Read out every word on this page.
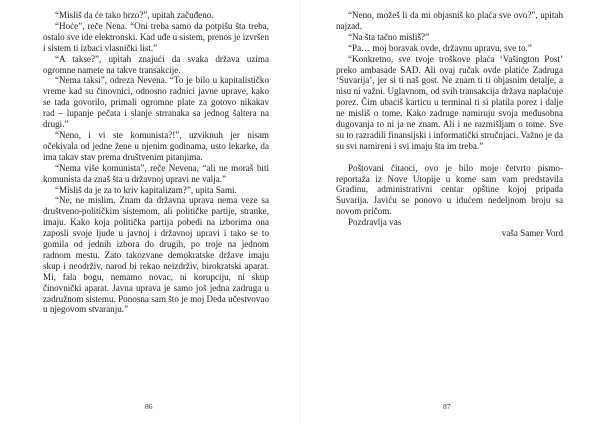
“Misliš da će tako brzo?”, upitah začuđeno.

“Hoće”, reče Nena. “Oni treba samo da potpišu šta treba, ostalo sve ide elektronski. Kad uđe u sistem, prenos je izvršen i sistem ti izbaci vlasnički list.”

“A takse?”, upitah znajući da svaka država uzima ogromne namete na takve transakcije.

“Nema taksi”, odreza Nevena. “To je bilo u kapitalističko vreme kad su činovnici, odnosno radnici javne uprave, kako se tada govorilo, primali ogromne plate za gotovo nikakav rad – lupanje pečata i slanje strranaka sa jednog šaltera na drugi.”

“Neno, i vi ste komunista?!”, uzviknuh jer nisam očekivala od jedne žene u njenim godinama, usto lekarke, da ima takav stav prema društvenim pitanjima.

“Nema više komunista”, reče Nevena, “ali ne moraš biti komunista da znaš šta u državnoj upravi ne valja.”

“Misliš da je za to kriv kapitalizam?”, upita Sami.

“Ne, ne mislim. Znam da državna uprava nema veze sa društveno-političkim sistemom, ali političke partije, stranke, imaju. Kako koja politička partija pobedi na izborima ona zaposli svoje ljude u javnoj i državnoj upravi i tako se to gomila od jednih izbora do drugih, po troje na jednom radnom mestu. Zato takozvane demokratske države imaju skup i neodrživ, narod bi rekao neizdrživ, birokratski aparat. Mi, fala bogu, nemamo novac, ni korupciju, ni skup činovnički aparat. Javna uprava je samo još jedna zadruga u zadružnom sistemu. Ponosna sam što je moj Deda učestvovao u njegovom stvaranju.”

86

“Neno, možeš li da mi objasniš ko plaća sve ovo?”, upitah najzad.

“Na šta tačno misliš?”

“Pa… moj boravak ovde, državnu upravu, sve to.”

“Konkretno, sve tvoje troškove plaća ‘Vašington Post’ preko ambasade SAD. Ali ovaj ručak ovde platiće Zadruga ‘Suvarija’, jer si ti naš gost. Ne znam ti ti objasnim detalje, a nisu ni važni. Uglavnom, od svih transakcija država naplaćuje porez. Čim ubaciš karticu u terminal ti si platila porez i dalje ne misliš o tome. Kako zadruge namiruju svoja međusobna dugovanja to ni ja ne znam. Ali i ne razmišljam o tome. Sve su to razradili finansijski i informatički stručnjaci. Važno je da su svi namireni i svi imaju šta im treba.”

Poštovani čitaoci, ovo je bilo moje četvrto pismo-reportaža iz Nove Utopije u kome sam vam predstavila Gradinu, administrativni centar opštine kojoj pripada Suvarija. Javiću se ponovo u idućem nedeljnom broju sa novom pričom.

Pozdravlja vas

vaša Samer Vord

87
